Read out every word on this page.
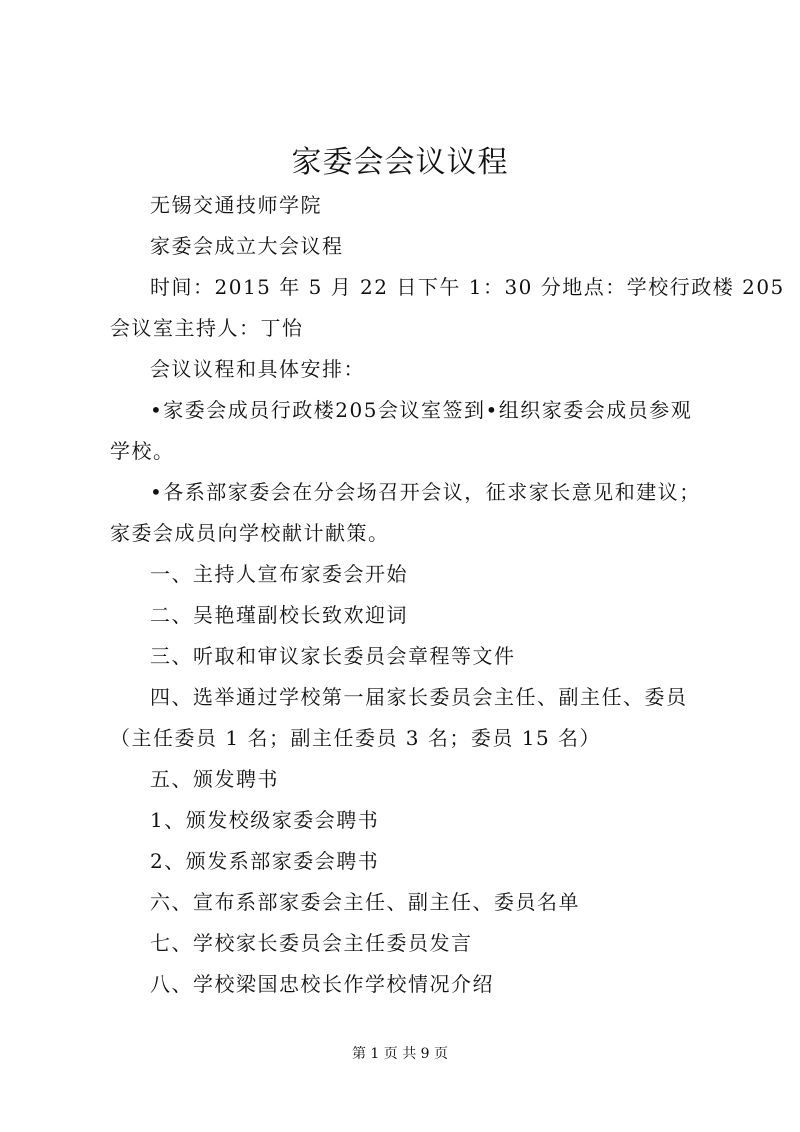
家委会会议议程
无锡交通技师学院
家委会成立大会议程
时间：2015 年 5 月 22 日下午 1：30 分地点：学校行政楼 205
会议室主持人：丁怡
会议议程和具体安排：
•家委会成员行政楼205会议室签到•组织家委会成员参观
学校。
•各系部家委会在分会场召开会议，征求家长意见和建议；
家委会成员向学校献计献策。
一、主持人宣布家委会开始
二、吴艳瑾副校长致欢迎词
三、听取和审议家长委员会章程等文件
四、选举通过学校第一届家长委员会主任、副主任、委员
（主任委员 1 名；副主任委员 3 名；委员 15 名）
五、颁发聘书
1、颁发校级家委会聘书
2、颁发系部家委会聘书
六、宣布系部家委会主任、副主任、委员名单
七、学校家长委员会主任委员发言
八、学校梁国忠校长作学校情况介绍
第 1 页 共 9 页
